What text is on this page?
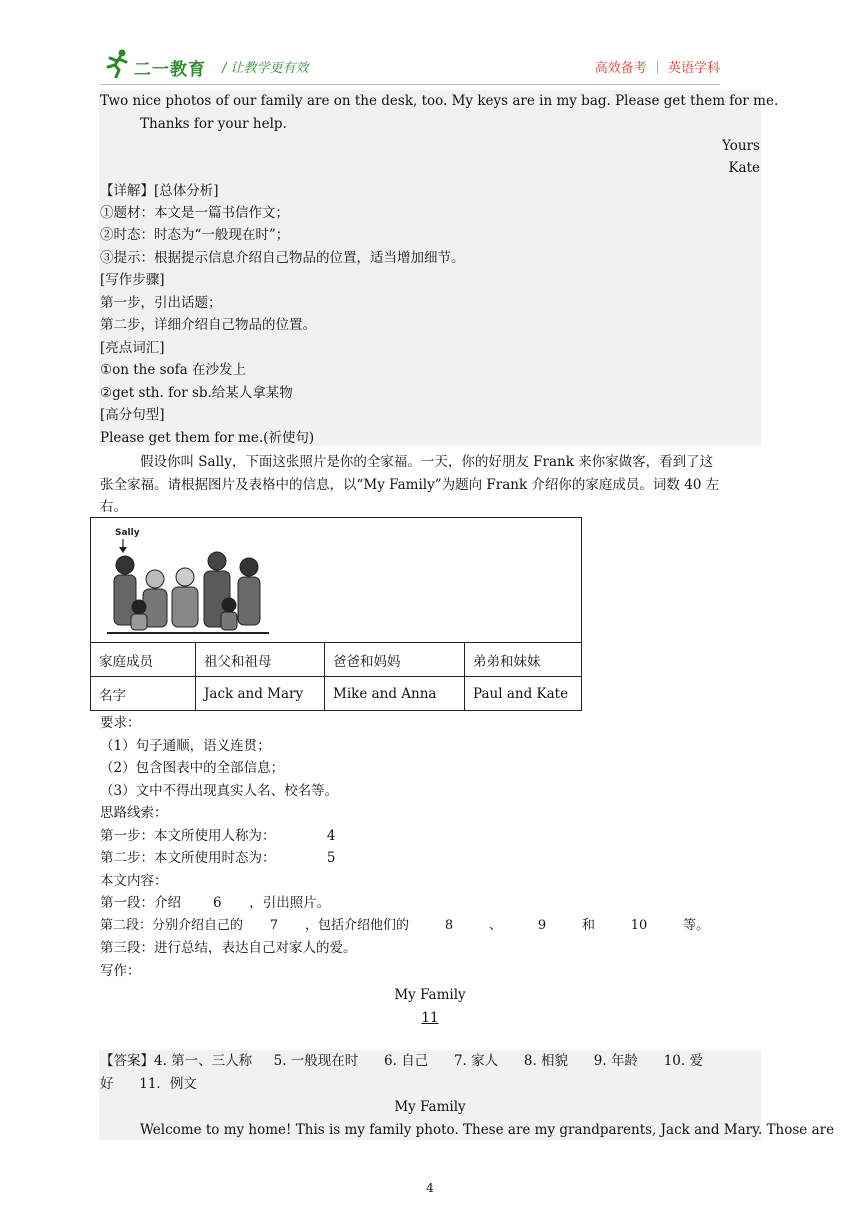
二一教育 / 让教学更有效	高效备考 ｜ 英语学科
Two nice photos of our family are on the desk, too. My keys are in my bag. Please get them for me.
Thanks for your help.
Yours
Kate
【详解】[总体分析]
①题材：本文是一篇书信作文；
②时态：时态为“一般现在时”；
③提示：根据提示信息介绍自己物品的位置，适当增加细节。
[写作步骤]
第一步，引出话题；
第二步，详细介绍自己物品的位置。
[亮点词汇]
①on the sofa 在沙发上
②get sth. for sb.给某人拿某物
[高分句型]
Please get them for me.(祈使句)
假设你叫 Sally，下面这张照片是你的全家福。一天，你的好朋友 Frank 来你家做客，看到了这
张全家福。请根据图片及表格中的信息，以“My Family”为题向 Frank 介绍你的家庭成员。词数 40 左
右。
Sally			

家庭成员	祖父和祖母	爸爸和妈妈	弟弟和妹妹
名字	Jack and Mary	Mike and Anna	Paul and Kate
要求：
（1）句子通顺，语义连贯；
（2）包含图表中的全部信息；
（3）文中不得出现真实人名、校名等。
思路线索：
第一步：本文所使用人称为：	4
第二步：本文所使用时态为：	5
本文内容：
第一段：介绍 6 ，引出照片。
第二段：分别介绍自己的 7 ，包括介绍他们的	8	、	9	和	10	等。
第三段：进行总结，表达自己对家人的爱。
写作：
My Family
11
【答案】4. 第一、三人称     5. 一般现在时      6. 自己      7. 家人      8. 相貌      9. 年龄      10. 爱
好      11．例文
My Family
Welcome to my home! This is my family photo. These are my grandparents, Jack and Mary. Those are
4
